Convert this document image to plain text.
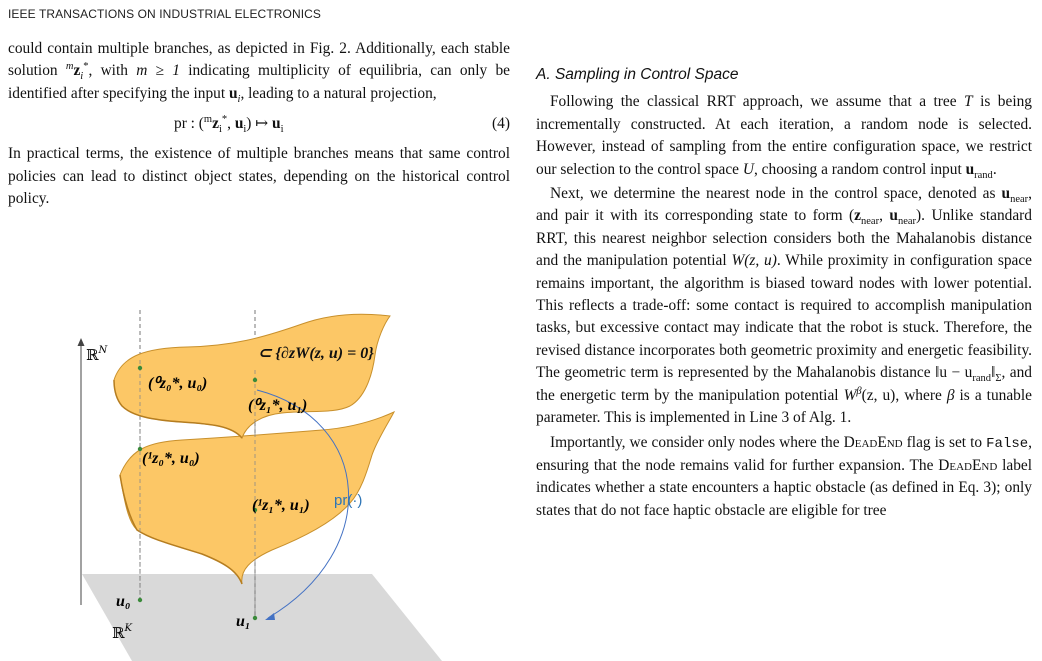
IEEE TRANSACTIONS ON INDUSTRIAL ELECTRONICS

could contain multiple branches, as depicted in Fig. 2. Additionally, each stable solution $^mz_i^*$, with m ≥ 1 indicating multiplicity of equilibria, can only be identified after specifying the input $u_i$, leading to a natural projection,

pr : ($^mz_i^*$, $u_i$) ↦ $u_i$	(4)

In practical terms, the existence of multiple branches means that same control policies can lead to distinct object states, depending on the historical control policy.

ℝ$^N$
ℝ$^K$
⊂ {∂zW(z, u) = 0}
(⁰z₀*, u₀)
(⁰z₁*, u₁)
(¹z₀*, u₀)
(¹z₁*, u₁) pr(·)
u₀
u₁

A. Sampling in Control Space

Following the classical RRT approach, we assume that a tree T is being incrementally constructed. At each iteration, a random node is selected. However, instead of sampling from the entire configuration space, we restrict our selection to the control space U, choosing a random control input $u_{rand}$.

Next, we determine the nearest node in the control space, denoted as $u_{near}$, and pair it with its corresponding state to form ($z_{near}$, $u_{near}$). Unlike standard RRT, this nearest neighbor selection considers both the Mahalanobis distance and the manipulation potential W(z, u). While proximity in configuration space remains important, the algorithm is biased toward nodes with lower potential. This reflects a trade-off: some contact is required to accomplish manipulation tasks, but excessive contact may indicate that the robot is stuck. Therefore, the revised distance incorporates both geometric proximity and energetic feasibility. The geometric term is represented by the Mahalanobis distance ‖u − $u_{rand}‖_\Sigma$, and the energetic term by the manipulation potential $W^\beta(z$, u), where β is a tunable parameter. This is implemented in Line 3 of Alg. 1.

Importantly, we consider only nodes where the DeadEnd flag is set to False, ensuring that the node remains valid for further expansion. The DeadEnd label indicates whether a state encounters a haptic obstacle (as defined in Eq. 3); only states that do not face haptic obstacle are eligible for tree
